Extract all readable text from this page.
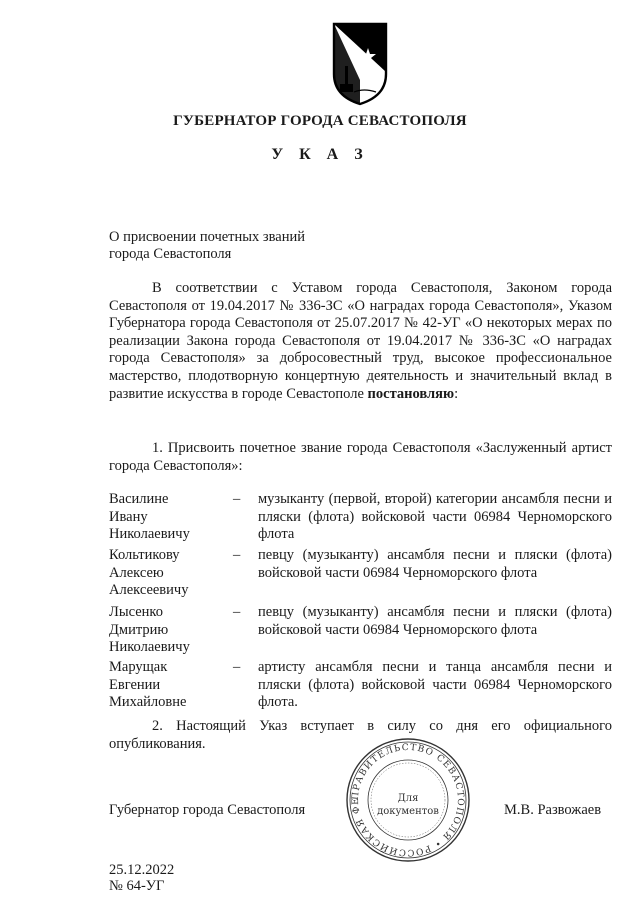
ГУБЕРНАТОР ГОРОДА СЕВАСТОПОЛЯ
У К А З
О присвоении почетных званий
города Севастополя

В соответствии с Уставом города Севастополя, Законом города Севастополя от 19.04.2017 № 336-ЗС «О наградах города Севастополя», Указом Губернатора города Севастополя от 25.07.2017 № 42-УГ «О некоторых мерах по реализации Закона города Севастополя от 19.04.2017 № 336-ЗС «О наградах города Севастополя» за добросовестный труд, высокое профессиональное мастерство, плодотворную концертную деятельность и значительный вклад в развитие искусства в городе Севастополе постановляю:

1. Присвоить почетное звание города Севастополя «Заслуженный артист города Севастополя»:

Василине
Ивану
Николаевичу
– музыканту (первой, второй) категории ансамбля песни и пляски (флота) войсковой части 06984 Черноморского флота
Кольтикову
Алексею
Алексеевичу
– певцу (музыканту) ансамбля песни и пляски (флота) войсковой части 06984 Черноморского флота
Лысенко
Дмитрию
Николаевичу
– певцу (музыканту) ансамбля песни и пляски (флота) войсковой части 06984 Черноморского флота
Марущак
Евгении
Михайловне
– артисту ансамбля песни и танца ансамбля песни и пляски (флота) войсковой части 06984 Черноморского флота.

2. Настоящий Указ вступает в силу со дня его официального опубликования.

ПРАВИТЕЛЬСТВО СЕВАСТОПОЛЯ • РОССИЙСКАЯ ФЕ	Для
документов
Губернатор города Севастополя	М.В. Развожаев
25.12.2022
№ 64-УГ
